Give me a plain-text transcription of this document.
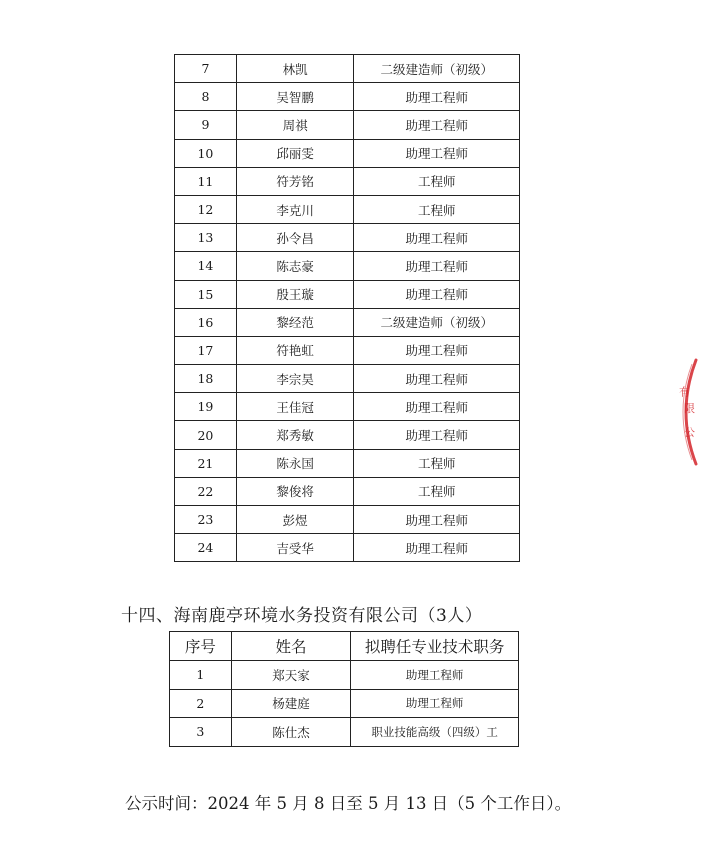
7	林凯	二级建造师（初级）
8	吴智鹏	助理工程师
9	周祺	助理工程师
10	邱丽雯	助理工程师
11	符芳铭	工程师
12	李克川	工程师
13	孙令昌	助理工程师
14	陈志豪	助理工程师
15	殷王璇	助理工程师
16	黎经范	二级建造师（初级）
17	符艳虹	助理工程师
18	李宗昊	助理工程师
19	王佳冠	助理工程师
20	郑秀敏	助理工程师
21	陈永国	工程师
22	黎俊将	工程师
23	彭煜	助理工程师
24	吉受华	助理工程师
十四、海南鹿亭环境水务投资有限公司（3人）
序号	姓名	拟聘任专业技术职务
1	郑天家	助理工程师
2	杨建庭	助理工程师
3	陈仕杰	职业技能高级（四级）工
公示时间：2024 年 5 月 8 日至 5 月 13 日（5 个工作日）。
有
限
公
